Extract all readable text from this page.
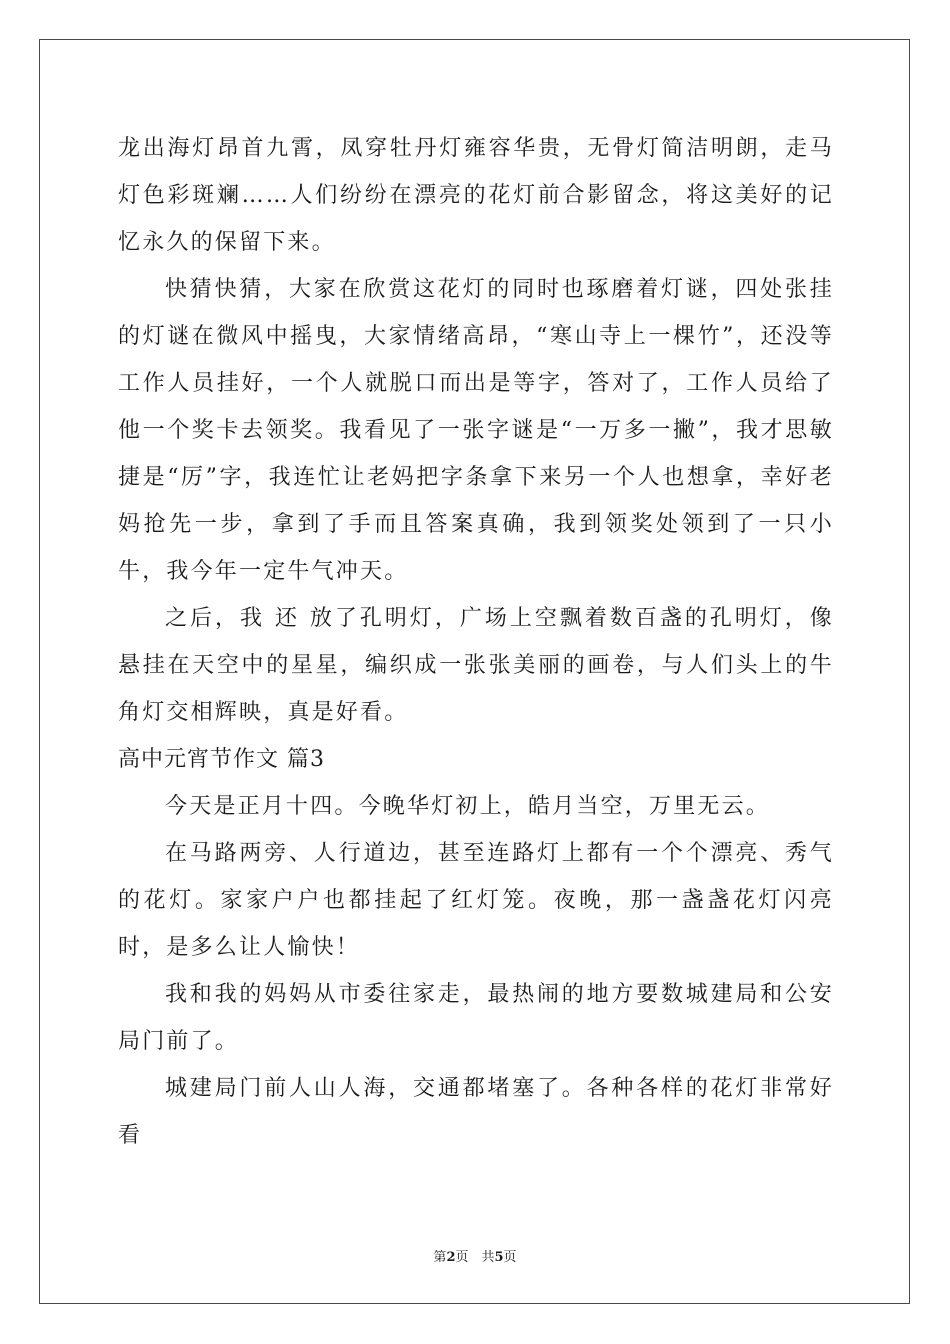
龙出海灯昂首九霄，凤穿牡丹灯雍容华贵，无骨灯简洁明朗，走马灯色彩斑斓……人们纷纷在漂亮的花灯前合影留念，将这美好的记忆永久的保留下来。

快猜快猜，大家在欣赏这花灯的同时也琢磨着灯谜，四处张挂的灯谜在微风中摇曳，大家情绪高昂，“寒山寺上一棵竹”，还没等工作人员挂好，一个人就脱口而出是等字，答对了，工作人员给了他一个奖卡去领奖。我看见了一张字谜是“一万多一撇”，我才思敏捷是“厉”字，我连忙让老妈把字条拿下来另一个人也想拿，幸好老妈抢先一步，拿到了手而且答案真确，我到领奖处领到了一只小牛，我今年一定牛气冲天。

之后，我 还 放了孔明灯，广场上空飘着数百盏的孔明灯，像悬挂在天空中的星星，编织成一张张美丽的画卷，与人们头上的牛角灯交相辉映，真是好看。

高中元宵节作文 篇3

今天是正月十四。今晚华灯初上，皓月当空，万里无云。

在马路两旁、人行道边，甚至连路灯上都有一个个漂亮、秀气的花灯。家家户户也都挂起了红灯笼。夜晚，那一盏盏花灯闪亮时，是多么让人愉快！

我和我的妈妈从市委往家走，最热闹的地方要数城建局和公安局门前了。

城建局门前人山人海，交通都堵塞了。各种各样的花灯非常好看

第2页　共5页
